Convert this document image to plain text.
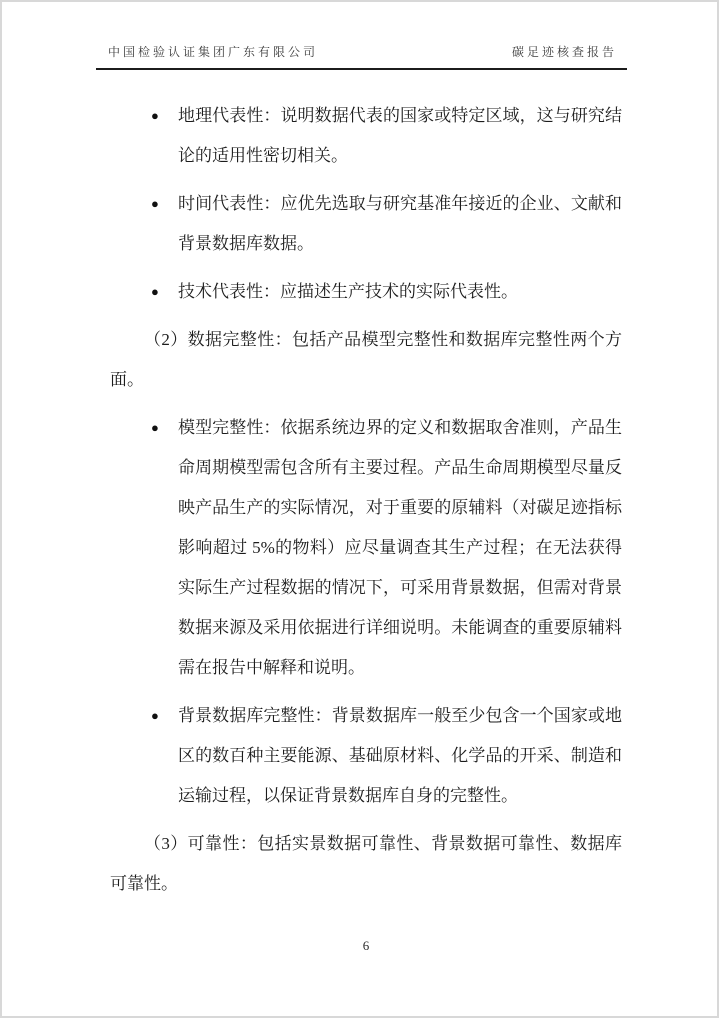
中国检验认证集团广东有限公司	碳足迹核查报告
● 地理代表性：说明数据代表的国家或特定区域，这与研究结论的适用性密切相关。
● 时间代表性：应优先选取与研究基准年接近的企业、文献和背景数据库数据。
● 技术代表性：应描述生产技术的实际代表性。
（2）数据完整性：包括产品模型完整性和数据库完整性两个方面。
● 模型完整性：依据系统边界的定义和数据取舍准则，产品生命周期模型需包含所有主要过程。产品生命周期模型尽量反映产品生产的实际情况，对于重要的原辅料（对碳足迹指标影响超过 5%的物料）应尽量调查其生产过程；在无法获得实际生产过程数据的情况下，可采用背景数据，但需对背景数据来源及采用依据进行详细说明。未能调查的重要原辅料需在报告中解释和说明。
● 背景数据库完整性：背景数据库一般至少包含一个国家或地区的数百种主要能源、基础原材料、化学品的开采、制造和运输过程，以保证背景数据库自身的完整性。
（3）可靠性：包括实景数据可靠性、背景数据可靠性、数据库可靠性。
6
